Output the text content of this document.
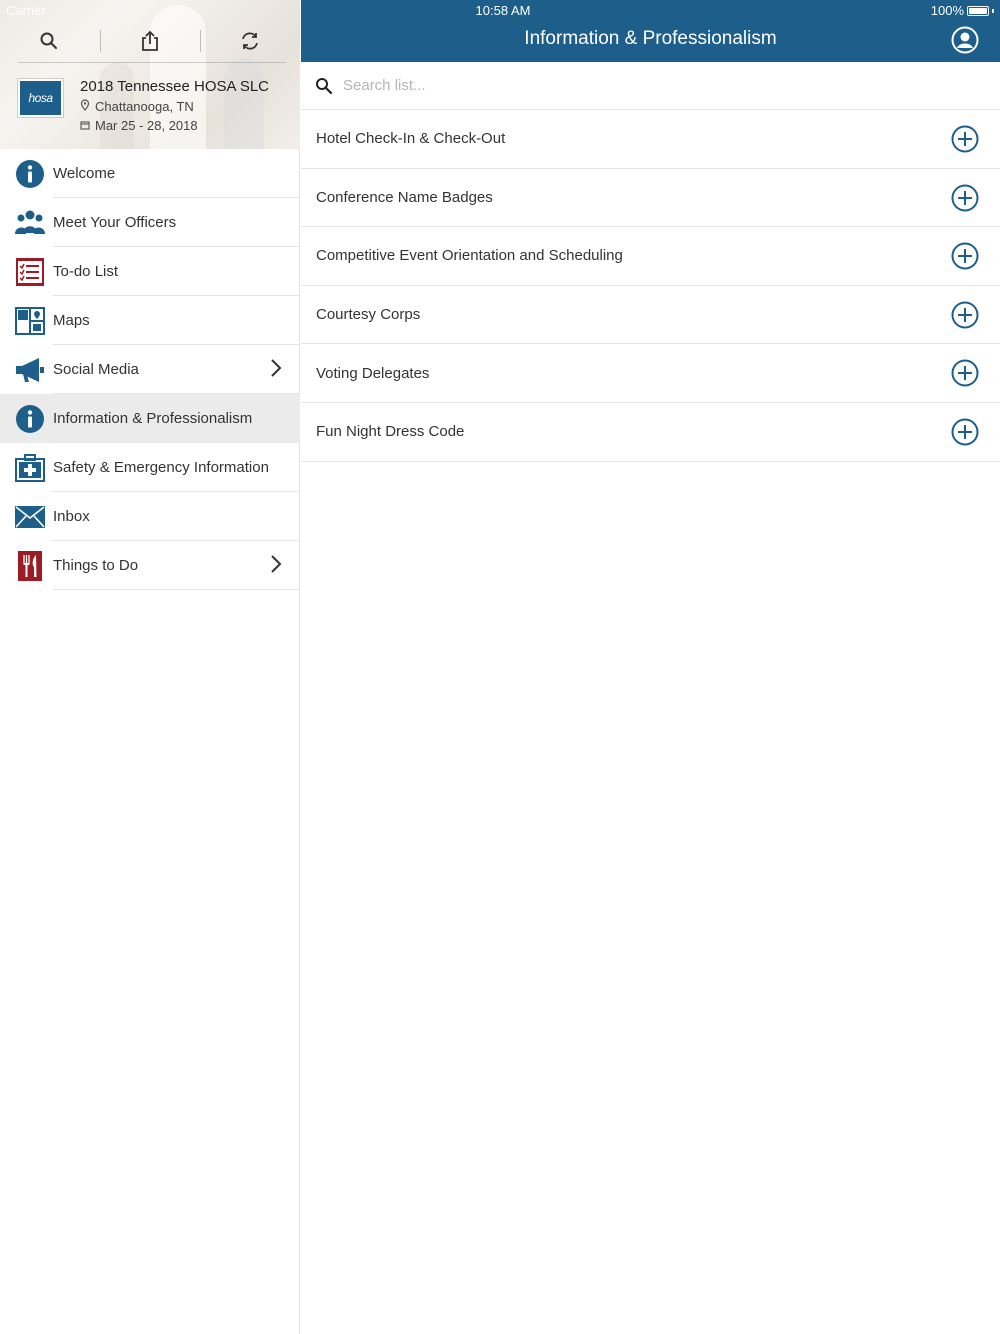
Carrier
hosa
2018 Tennessee HOSA SLC
Chattanooga, TN
Mar 25 - 28, 2018
Welcome
Meet Your Officers
To-do List
Maps
Social Media
Information & Professionalism
Safety & Emergency Information
Inbox
Things to Do
10:58 AM	100%
Information & Professionalism
Search list...
Hotel Check-In & Check-Out
Conference Name Badges
Competitive Event Orientation and Scheduling
Courtesy Corps
Voting Delegates
Fun Night Dress Code
